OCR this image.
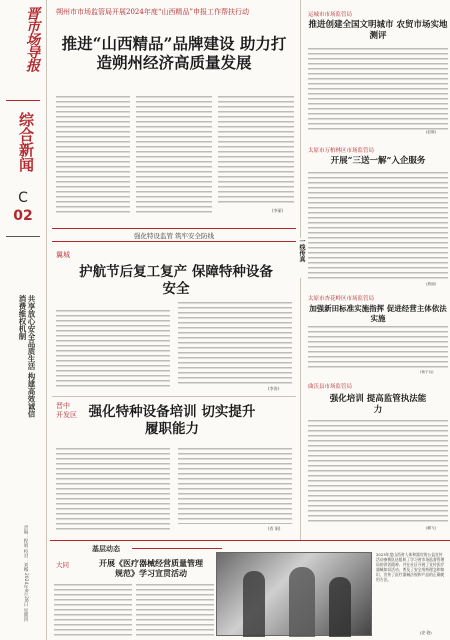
晋市场导报
综合新闻
C
02
共享放心安全品质生活 构建高效诚信消费维权机制
责编：程娟 校对：刘娜 2024年9月28日 星期四
朔州市市场监管局开展2024年度“山西精品”申报工作帮扶行动
推进“山西精品”品牌建设 助力打造朔州经济高质量发展
(李丽)
强化特设监管 筑牢安全防线
翼城
护航节后复工复产 保障特种设备安全
(李涛)
晋中 开发区 强化特种设备培训 切实提升履职能力
(晋 娟)
运城市市场监管局
推进创建全国文明城市 农贸市场实地测评
(赵晓)
太原市万柏林区市场监管局
开展“三送一解”入企服务
(燕丽)
太原市杏花岭区市场监管局
加强新田标准实施指挥 促进经营主体依法实施
(杨子兵)
曲沃县市场监管局
强化培训 提高监管执法能力
(鹏飞)
一线传真
基层动态
大同	开展《医疗器械经营质量管理规范》学习宣贯活动
2023年度山西省人体和器官的公益宣传活动参赛队伍组织了学习省市场监督管理局的讲话精神，并在社区开展了宣传医疗器械知识活动，普及了安全用药理念和知识，宣传了医疗器械法规和产品的正确使用方法。
(安 骁)
